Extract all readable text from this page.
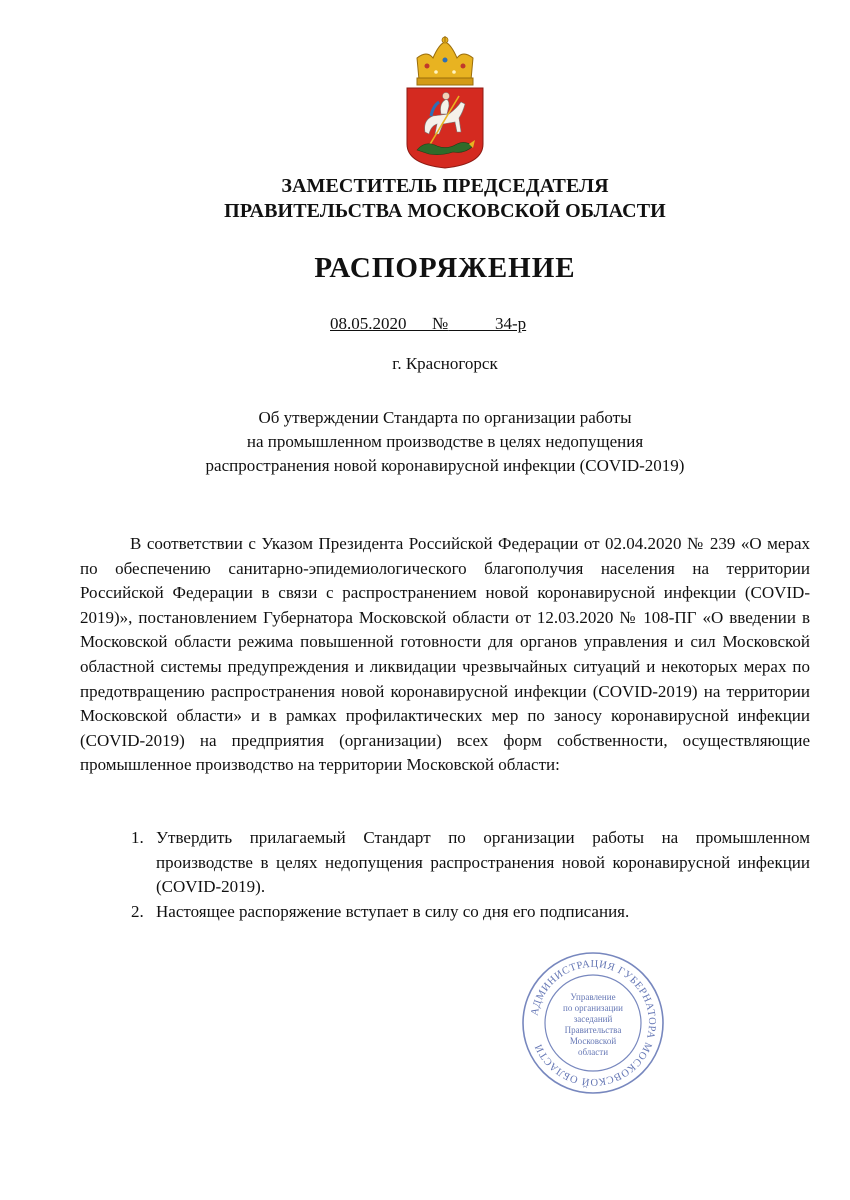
ЗАМЕСТИТЕЛЬ ПРЕДСЕДАТЕЛЯ
ПРАВИТЕЛЬСТВА МОСКОВСКОЙ ОБЛАСТИ
РАСПОРЯЖЕНИЕ
08.05.2020 №	34-р
г. Красногорск
Об утверждении Стандарта по организации работы
на промышленном производстве в целях недопущения
распространения новой коронавирусной инфекции (COVID-2019)

В соответствии с Указом Президента Российской Федерации от 02.04.2020 № 239 «О мерах по обеспечению санитарно-эпидемиологического благополучия населения на территории Российской Федерации в связи с распространением новой коронавирусной инфекции (COVID-2019)», постановлением Губернатора Московской области от 12.03.2020 № 108-ПГ «О введении в Московской области режима повышенной готовности для органов управления и сил Московской областной системы предупреждения и ликвидации чрезвычайных ситуаций и некоторых мерах по предотвращению распространения новой коронавирусной инфекции (COVID-2019) на территории Московской области» и в рамках профилактических мер по заносу коронавирусной инфекции (COVID-2019) на предприятия (организации) всех форм собственности, осуществляющие промышленное производство на территории Московской области:

1. Утвердить прилагаемый Стандарт по организации работы на промышленном производстве в целях недопущения распространения новой коронавирусной инфекции (COVID-2019).
2. Настоящее распоряжение вступает в силу со дня его подписания.
АДМИНИСТРАЦИЯ ГУБЕРНАТОРА МОСКОВСКОЙ ОБЛАСТИ
Управление
по организации
заседаний
Правительства
Московской
области
